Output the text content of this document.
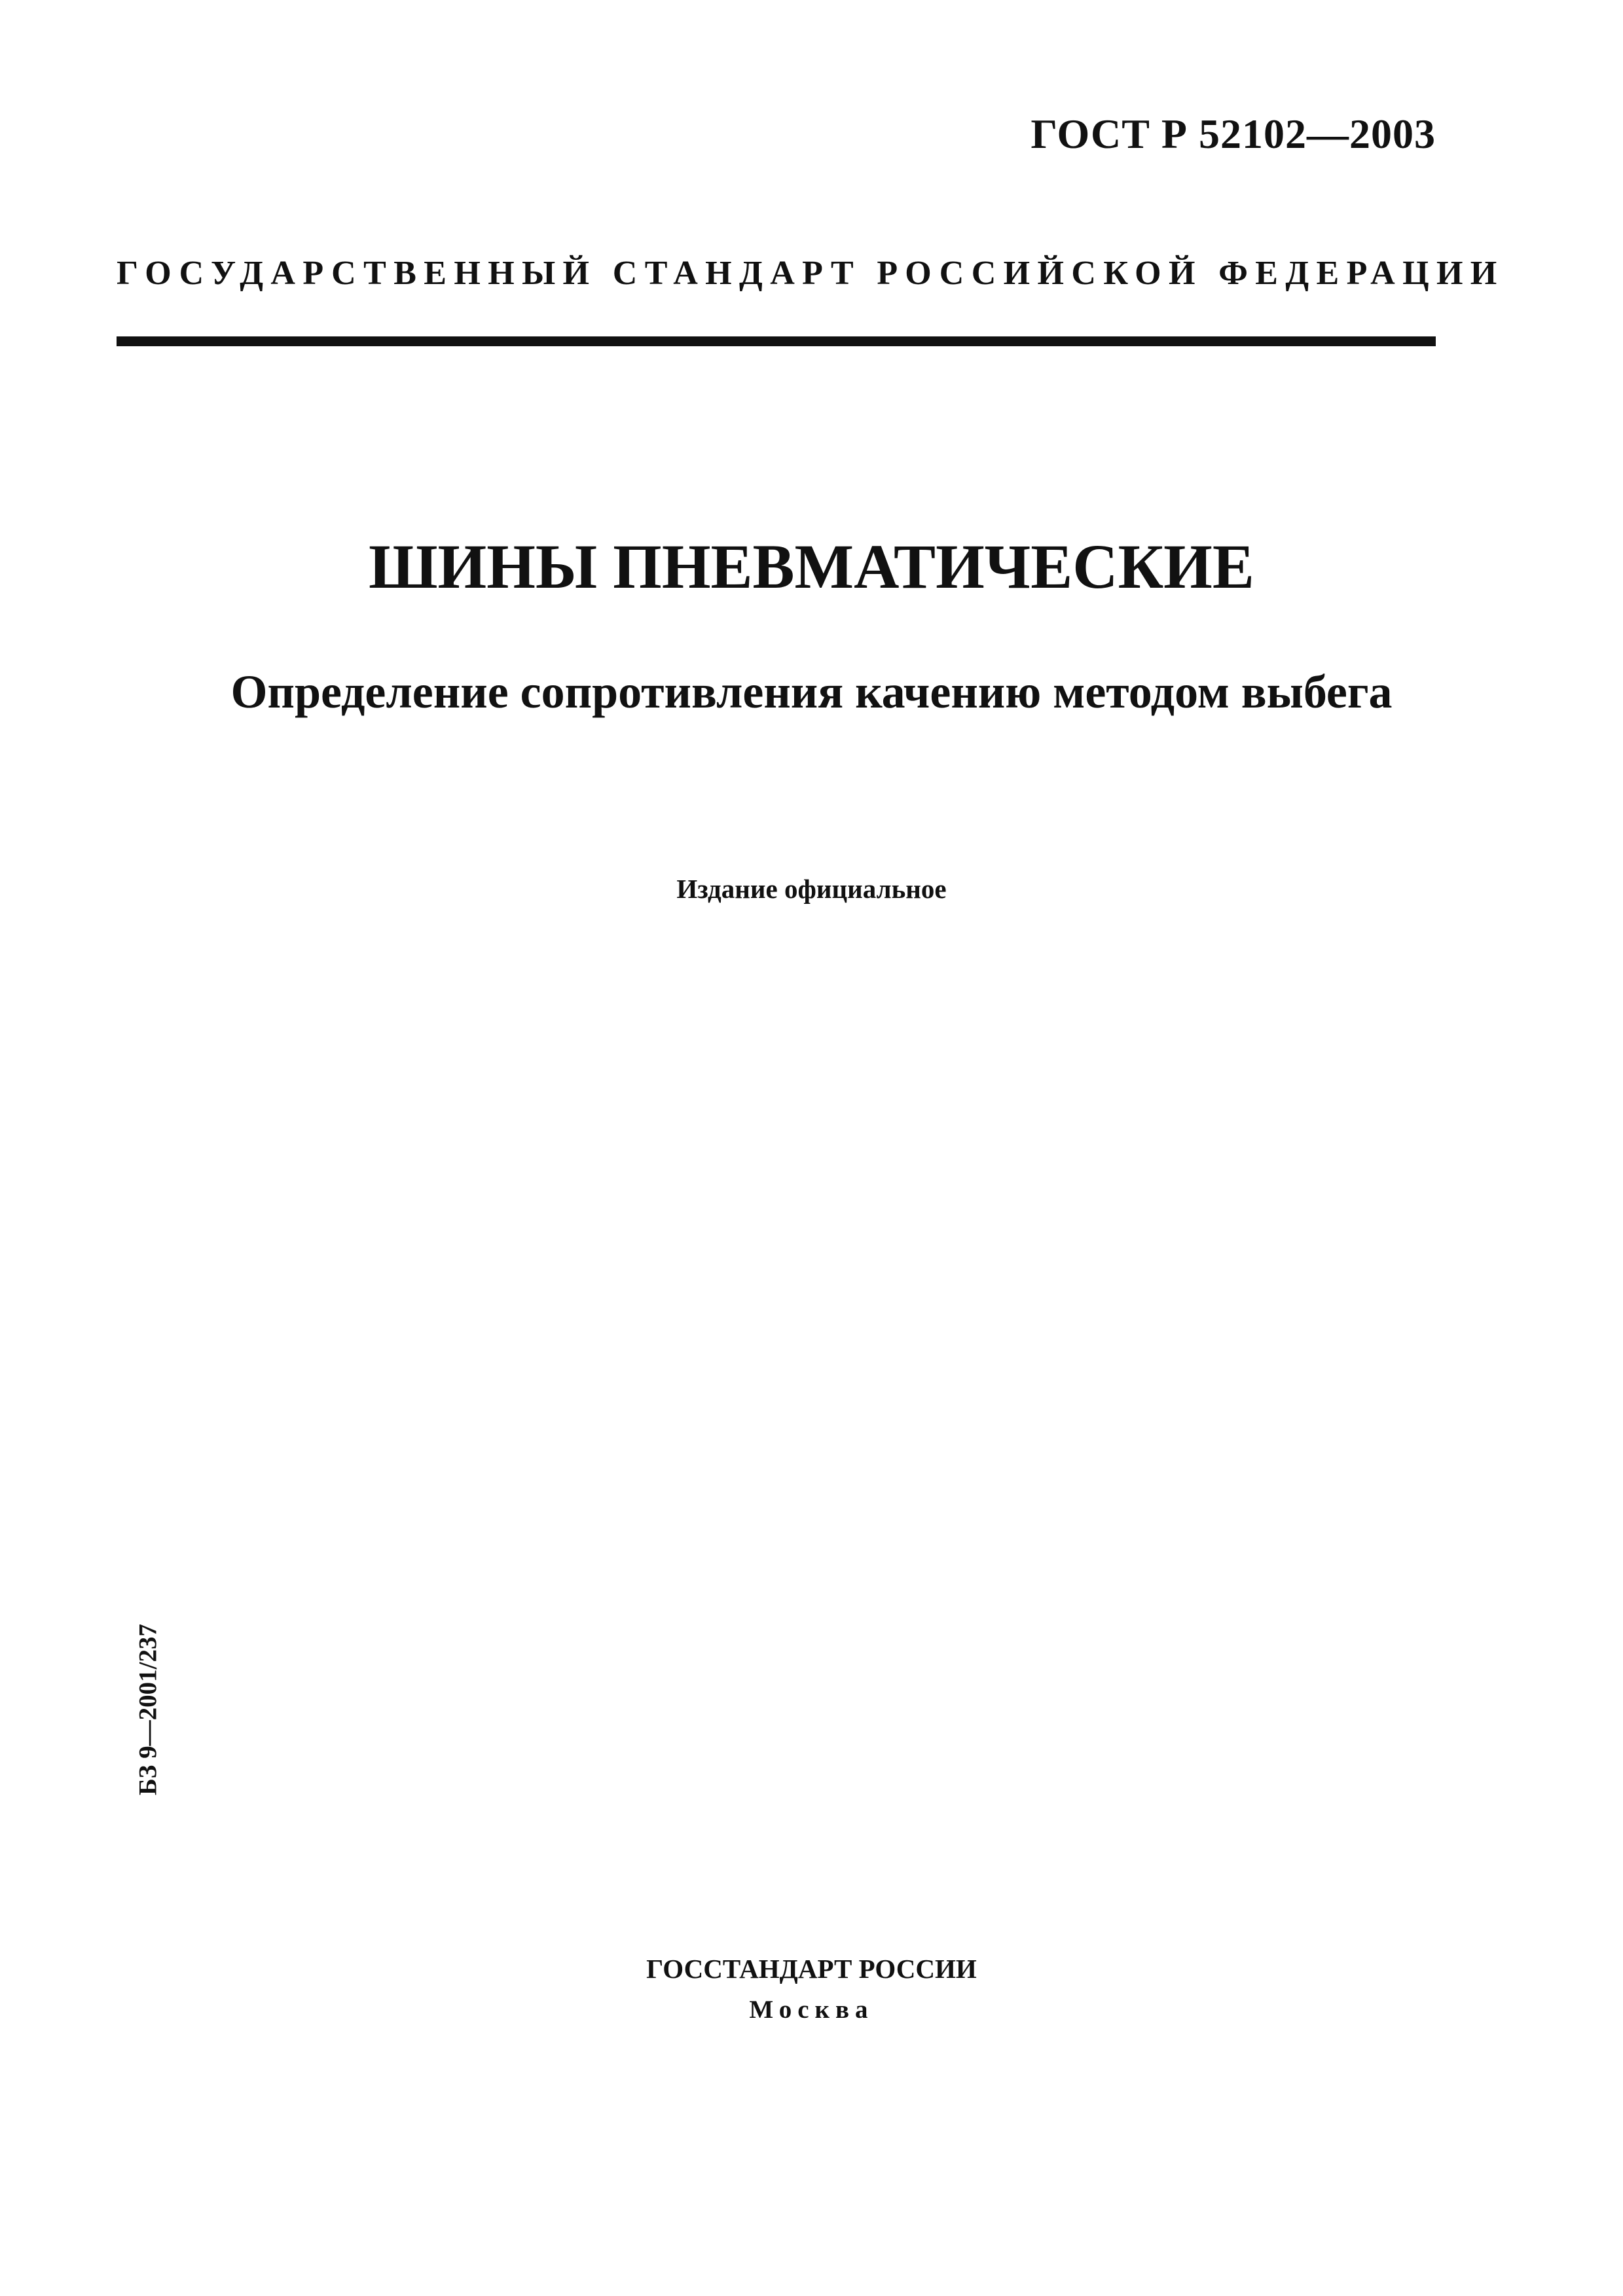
ГОСТ Р 52102—2003
ГОСУДАРСТВЕННЫЙ СТАНДАРТ РОССИЙСКОЙ ФЕДЕРАЦИИ
ШИНЫ ПНЕВМАТИЧЕСКИЕ
Определение сопротивления качению методом выбега
Издание официальное
БЗ 9—2001/237
ГОССТАНДАРТ РОССИИ
Москва
